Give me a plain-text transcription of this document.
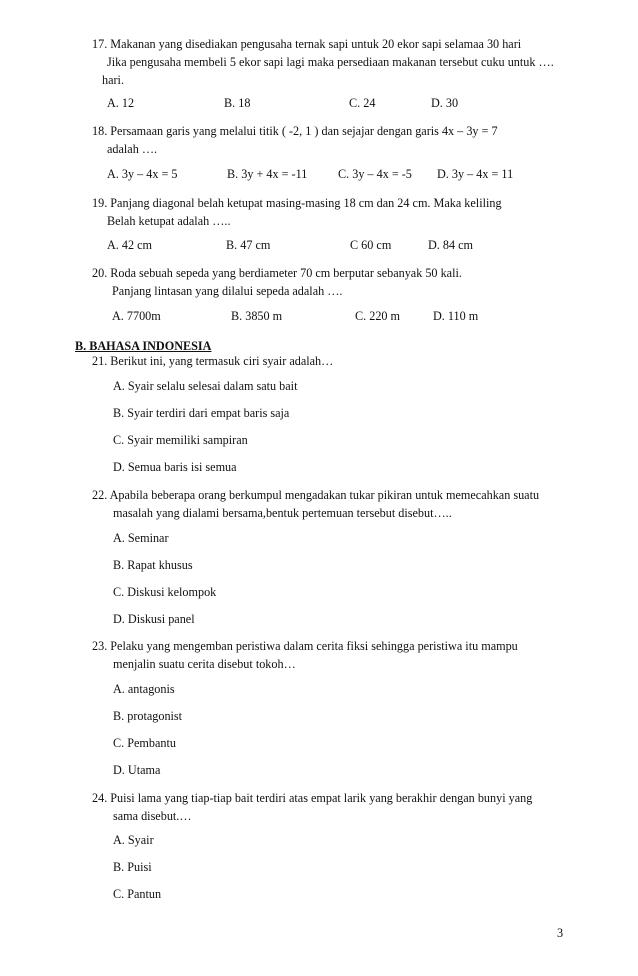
17. Makanan yang disediakan pengusaha ternak sapi untuk 20 ekor sapi selamaa 30 hari
Jika pengusaha membeli 5 ekor sapi lagi maka persediaan makanan tersebut cuku untuk ….
hari.
A. 12	B. 18	C. 24	D. 30
18. Persamaan garis yang melalui titik ( -2, 1 ) dan sejajar dengan garis 4x – 3y = 7
adalah ….
A. 3y – 4x = 5	B. 3y + 4x = -11	C. 3y – 4x = -5 D. 3y – 4x = 11
19. Panjang diagonal belah ketupat masing-masing 18 cm dan 24 cm. Maka keliling
Belah ketupat adalah …..
A. 42 cm	B. 47 cm	C 60 cm	D. 84 cm
20. Roda sebuah sepeda yang berdiameter 70 cm berputar sebanyak 50 kali.
Panjang lintasan yang dilalui sepeda adalah ….
A. 7700m	B. 3850 m	C. 220 m	D. 110 m
B. BAHASA INDONESIA
21. Berikut ini, yang termasuk ciri syair adalah…
A. Syair selalu selesai dalam satu bait
B. Syair terdiri dari empat baris saja
C. Syair memiliki sampiran
D. Semua baris isi semua
22. Apabila beberapa orang berkumpul mengadakan tukar pikiran untuk memecahkan suatu
masalah yang dialami bersama,bentuk pertemuan tersebut disebut…..
A. Seminar
B. Rapat khusus
C. Diskusi kelompok
D. Diskusi panel
23. Pelaku yang mengemban peristiwa dalam cerita fiksi sehingga peristiwa itu mampu
menjalin suatu cerita disebut tokoh…
A. antagonis
B. protagonist
C. Pembantu
D. Utama
24. Puisi lama yang tiap-tiap bait terdiri atas empat larik yang berakhir dengan bunyi yang
sama disebut.…
A. Syair
B. Puisi
C. Pantun
3
